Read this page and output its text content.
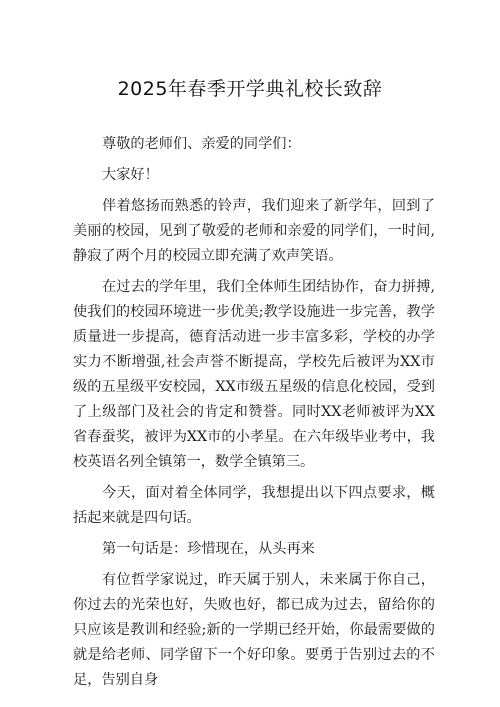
2025年春季开学典礼校长致辞

尊敬的老师们、亲爱的同学们：

大家好！

伴着悠扬而熟悉的铃声，我们迎来了新学年，回到了美丽的校园，见到了敬爱的老师和亲爱的同学们，一时间,静寂了两个月的校园立即充满了欢声笑语。

在过去的学年里，我们全体师生团结协作，奋力拼搏,使我们的校园环境进一步优美;教学设施进一步完善，教学质量进一步提高，德育活动进一步丰富多彩，学校的办学实力不断增强,社会声誉不断提高，学校先后被评为XX市级的五星级平安校园，XX市级五星级的信息化校园，受到了上级部门及社会的肯定和赞誉。同时XX老师被评为XX省春蚕奖，被评为XX市的小孝星。在六年级毕业考中，我校英语名列全镇第一，数学全镇第三。

今天，面对着全体同学，我想提出以下四点要求，概括起来就是四句话。

第一句话是：珍惜现在，从头再来

有位哲学家说过，昨天属于别人，未来属于你自己，你过去的光荣也好，失败也好，都已成为过去，留给你的只应该是教训和经验;新的一学期已经开始，你最需要做的就是给老师、同学留下一个好印象。要勇于告别过去的不足，告别自身
